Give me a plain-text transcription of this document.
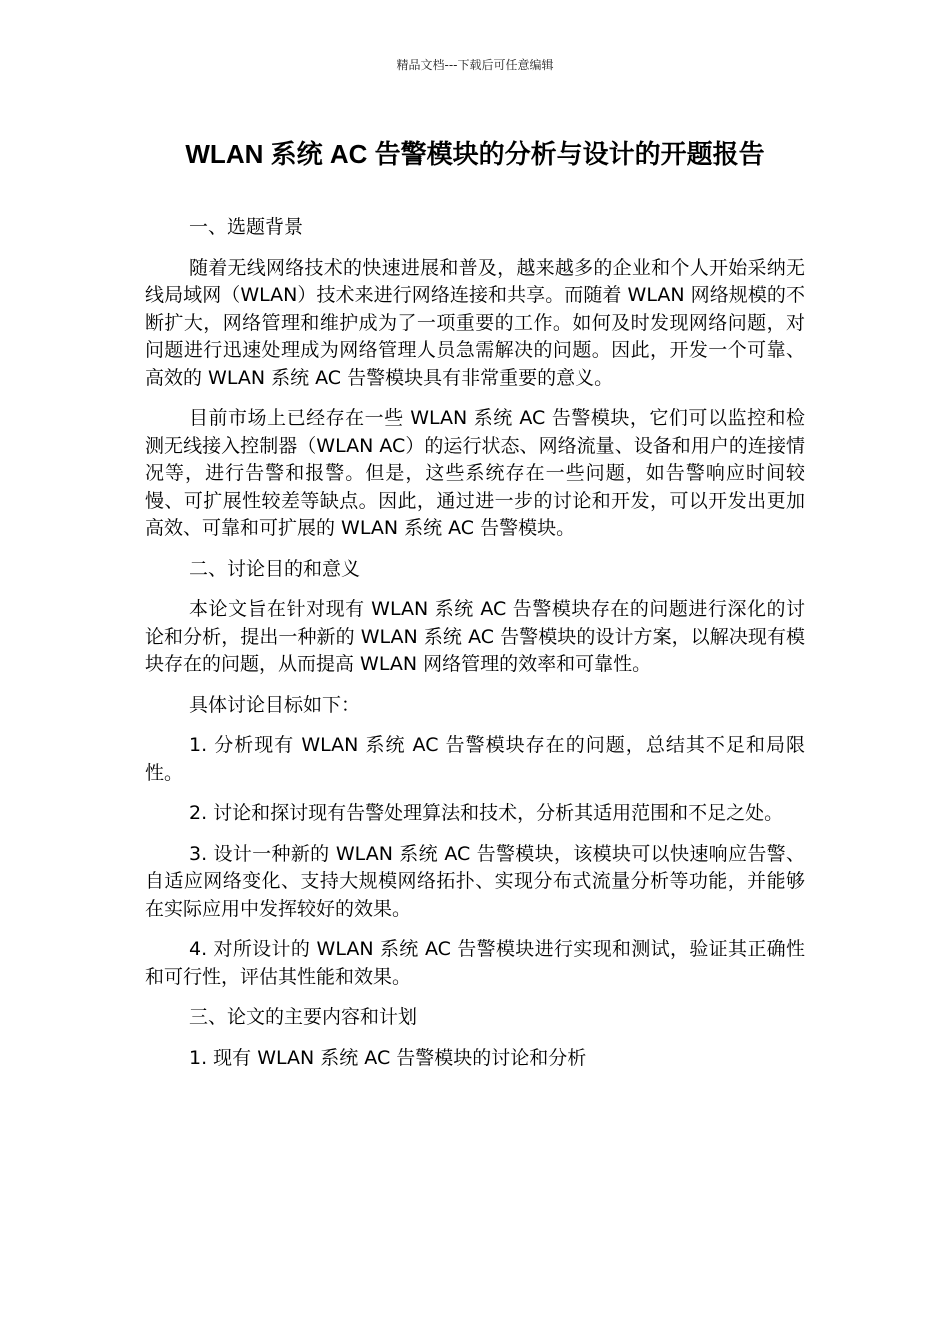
精品文档---下载后可任意编辑
WLAN 系统 AC 告警模块的分析与设计的开题报告

一、选题背景

随着无线网络技术的快速进展和普及，越来越多的企业和个人开始采纳无线局域网（WLAN）技术来进行网络连接和共享。而随着 WLAN 网络规模的不断扩大，网络管理和维护成为了一项重要的工作。如何及时发现网络问题，对问题进行迅速处理成为网络管理人员急需解决的问题。因此，开发一个可靠、高效的 WLAN 系统 AC 告警模块具有非常重要的意义。

目前市场上已经存在一些 WLAN 系统 AC 告警模块，它们可以监控和检测无线接入控制器（WLAN AC）的运行状态、网络流量、设备和用户的连接情况等，进行告警和报警。但是，这些系统存在一些问题，如告警响应时间较慢、可扩展性较差等缺点。因此，通过进一步的讨论和开发，可以开发出更加高效、可靠和可扩展的 WLAN 系统 AC 告警模块。

二、讨论目的和意义

本论文旨在针对现有 WLAN 系统 AC 告警模块存在的问题进行深化的讨论和分析，提出一种新的 WLAN 系统 AC 告警模块的设计方案，以解决现有模块存在的问题，从而提高 WLAN 网络管理的效率和可靠性。

具体讨论目标如下：

1. 分析现有 WLAN 系统 AC 告警模块存在的问题，总结其不足和局限性。

2. 讨论和探讨现有告警处理算法和技术，分析其适用范围和不足之处。

3. 设计一种新的 WLAN 系统 AC 告警模块，该模块可以快速响应告警、自适应网络变化、支持大规模网络拓扑、实现分布式流量分析等功能，并能够在实际应用中发挥较好的效果。

4. 对所设计的 WLAN 系统 AC 告警模块进行实现和测试，验证其正确性和可行性，评估其性能和效果。

三、论文的主要内容和计划

1. 现有 WLAN 系统 AC 告警模块的讨论和分析
